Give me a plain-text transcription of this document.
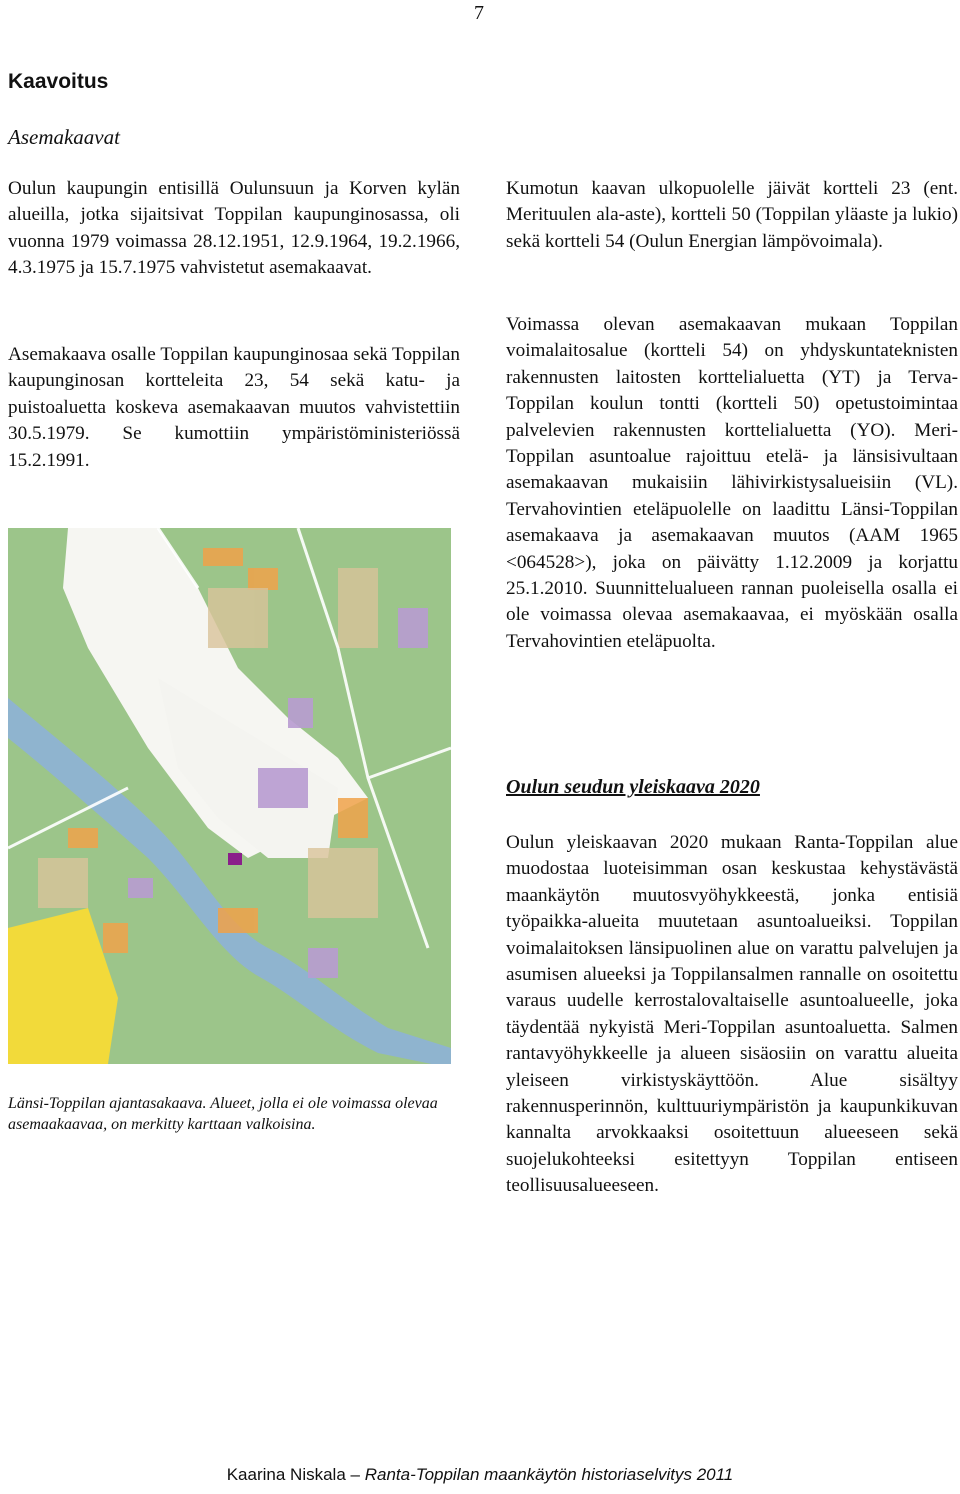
7
Kaavoitus
Asemakaavat

Oulun kaupungin entisillä Oulunsuun ja Korven kylän alueilla, jotka sijaitsivat Toppilan kaupunginosassa, oli vuonna 1979 voimassa 28.12.1951, 12.9.1964, 19.2.1966, 4.3.1975 ja 15.7.1975 vahvistetut asemakaavat.

Asemakaava osalle Toppilan kaupunginosaa sekä Toppilan kaupunginosan kortteleita 23, 54 sekä katu- ja puistoaluetta koskeva asemakaavan muutos vahvistettiin 30.5.1979. Se kumottiin ympäristöministeriössä 15.2.1991.

Kumotun kaavan ulkopuolelle jäivät kortteli 23 (ent. Merituulen ala-aste), kortteli 50 (Toppilan yläaste ja lukio) sekä kortteli 54 (Oulun Energian lämpövoimala).

Voimassa olevan asemakaavan mukaan Toppilan voimalaitosalue (kortteli 54) on yhdyskuntateknisten rakennusten laitosten korttelialuetta (YT) ja Terva-Toppilan koulun tontti (kortteli 50) opetustoimintaa palvelevien rakennusten korttelialuetta (YO). Meri-Toppilan asuntoalue rajoittuu etelä- ja länsisivultaan asemakaavan mukaisiin lähivirkistysalueisiin (VL). Tervahovintien eteläpuolelle on laadittu Länsi-Toppilan asemakaava ja asemakaavan muutos (AAM 1965 <064528>), joka on päivätty 1.12.2009 ja korjattu 25.1.2010. Suunnittelualueen rannan puoleisella osalla ei ole voimassa olevaa asemakaavaa, ei myöskään osalla Tervahovintien eteläpuolta.

Oulun seudun yleiskaava 2020

Oulun yleiskaavan 2020 mukaan Ranta-Toppilan alue muodostaa luoteisimman osan keskustaa kehystävästä maankäytön muutosvyöhykkeestä, jonka entisiä työpaikka-alueita muutetaan asuntoalueiksi. Toppilan voimalaitoksen länsipuolinen alue on varattu palvelujen ja asumisen alueeksi ja Toppilansalmen rannalle on osoitettu varaus uudelle kerrostalovaltaiselle asuntoalueelle, joka täydentää nykyistä Meri-Toppilan asuntoaluetta. Salmen rantavyöhykkeelle ja alueen sisäosiin on varattu alueita yleiseen virkistyskäyttöön. Alue sisältyy rakennusperinnön, kulttuuriympäristön ja kaupunkikuvan kannalta arvokkaaksi osoitettuun alueeseen sekä suojelukohteeksi esitettyyn Toppilan entiseen teollisuusalueeseen.

Länsi-Toppilan ajantasakaava. Alueet, jolla ei ole voimassa olevaa asemaakaavaa, on merkitty karttaan valkoisina.
Kaarina Niskala – Ranta-Toppilan maankäytön historiaselvitys 2011
